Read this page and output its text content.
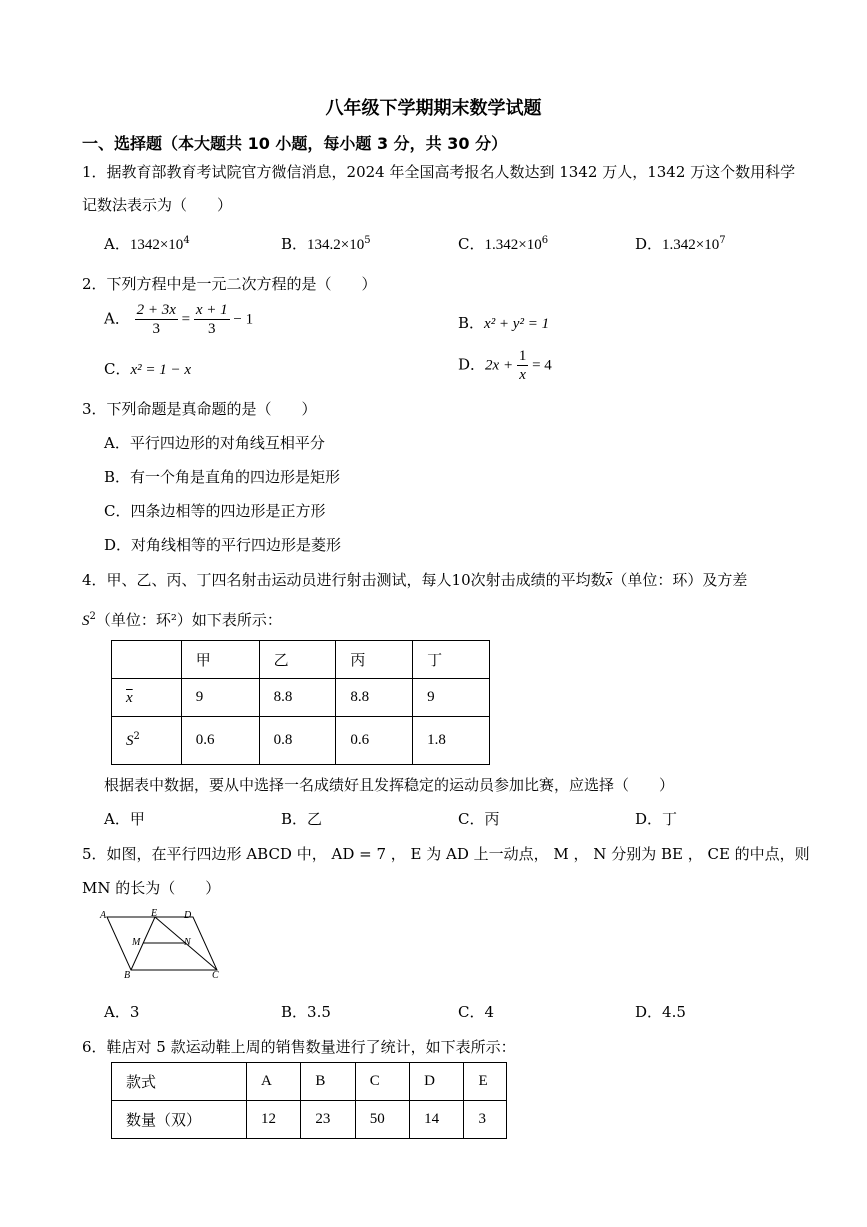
八年级下学期期末数学试题
一、选择题（本大题共 10 小题，每小题 3 分，共 30 分）
1．据教育部教育考试院官方微信消息，2024 年全国高考报名人数达到 1342 万人，1342 万这个数用科学
记数法表示为（　　）
A．$1342\times 10^4$	B．$134.2\times 10^5$	C．$1.342\times 10^6$	D．$1.342\times 10^7$
2．下列方程中是一元二次方程的是（　　）
A． $\frac{2 + 3x}{3} = \frac{x + 1}{3} - 1$	B．x² + y² = 1
C．x² = 1 − x	D．$2x + \frac{1}{x} = 4$
3．下列命题是真命题的是（　　）
A．平行四边形的对角线互相平分
B．有一个角是直角的四边形是矩形
C．四条边相等的四边形是正方形
D．对角线相等的平行四边形是菱形
4．甲、乙、丙、丁四名射击运动员进行射击测试，每人10次射击成绩的平均数$\overline{x}$（单位：环）及方差
$S^2$（单位：环²）如下表所示：
	甲	乙	丙	丁
$\overline{x}$	9	8.8	8.8	9
$S^2$	0.6	0.8	0.6	1.8
根据表中数据，要从中选择一名成绩好且发挥稳定的运动员参加比赛，应选择（　　）
A．甲	B．乙	C．丙	D．丁
5．如图，在平行四边形 ABCD 中， AD = 7 ， E 为 AD 上一动点， M ， N 分别为 BE ， CE 的中点，则
MN 的长为（　　）
A	E	D
M	N
B	C
A．3	B．3.5	C．4	D．4.5
6．鞋店对 5 款运动鞋上周的销售数量进行了统计，如下表所示：
款式	A	B	C	D	E
数量（双）	12	23	50	14	3
